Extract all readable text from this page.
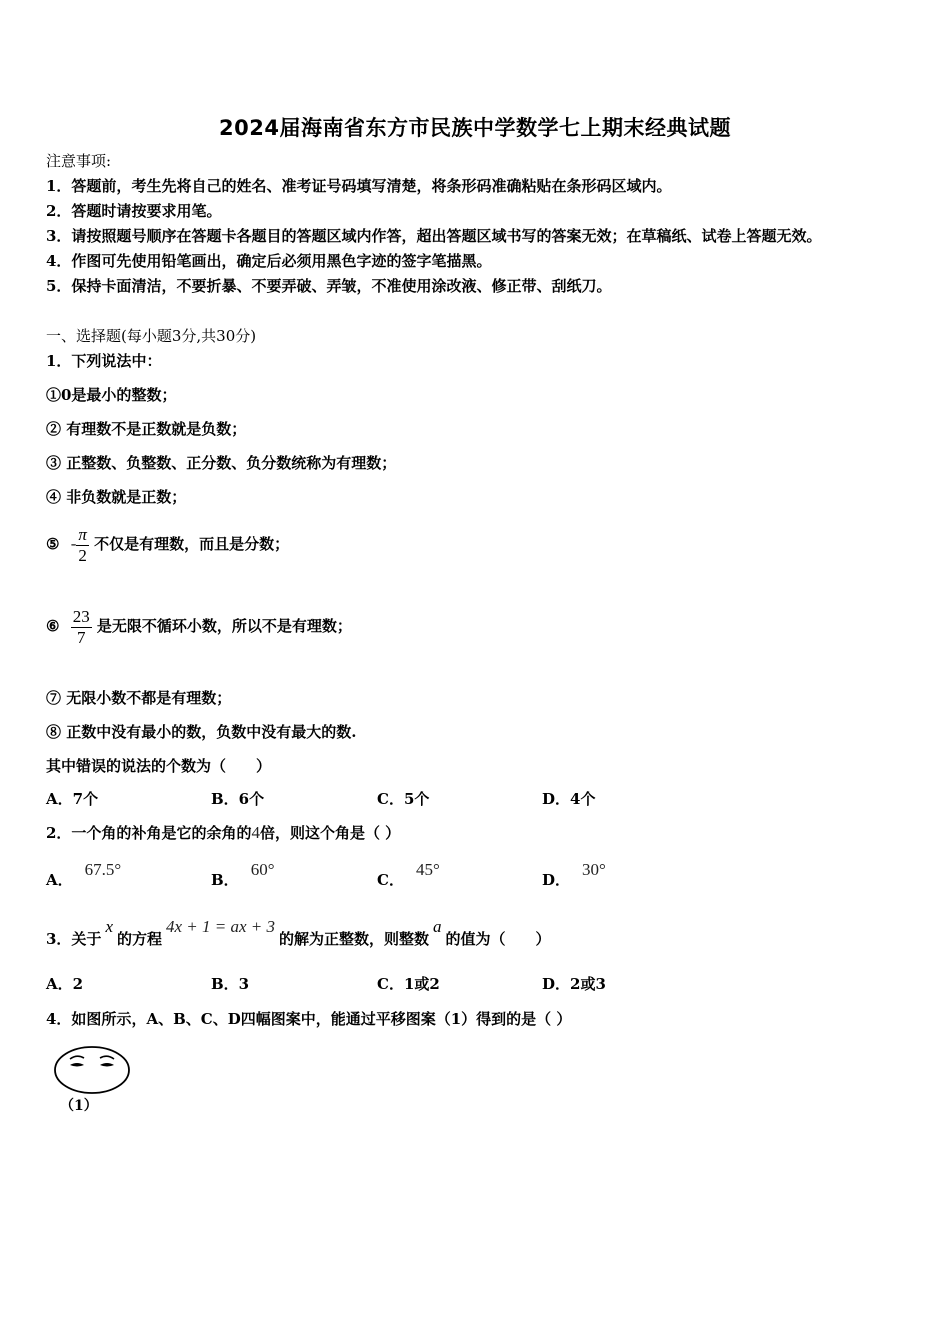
2024届海南省东方市民族中学数学七上期末经典试题
注意事项:
1．答题前，考生先将自己的姓名、准考证号码填写清楚，将条形码准确粘贴在条形码区域内。
2．答题时请按要求用笔。
3．请按照题号顺序在答题卡各题目的答题区域内作答，超出答题区域书写的答案无效；在草稿纸、试卷上答题无效。
4．作图可先使用铅笔画出，确定后必须用黑色字迹的签字笔描黑。
5．保持卡面清洁，不要折暴、不要弄破、弄皱，不准使用涂改液、修正带、刮纸刀。
一、选择题(每小题3分,共30分)
1．下列说法中：
①0是最小的整数；
② 有理数不是正数就是负数；
③ 正整数、负整数、正分数、负分数统称为有理数；
④ 非负数就是正数；
⑤ - $\frac{\pi}{2}$ 不仅是有理数，而且是分数；
⑥ $\frac{23}{7}$ 是无限不循环小数，所以不是有理数；
⑦ 无限小数不都是有理数；
⑧ 正数中没有最小的数，负数中没有最大的数.
其中错误的说法的个数为（　　）
A．7个	B．6个	C．5个	D．4个
2．一个角的补角是它的余角的4倍，则这个角是（ ）
A．67.5°
B．60°
C．45°
D．30°
3．关于x的方程4x + 1 = ax + 3的解为正整数，则整数a的值为（　　）
A．2	B．3	C．1或2	D．2或3
4．如图所示，A、B、C、D四幅图案中，能通过平移图案（1）得到的是（ ）
（1）
